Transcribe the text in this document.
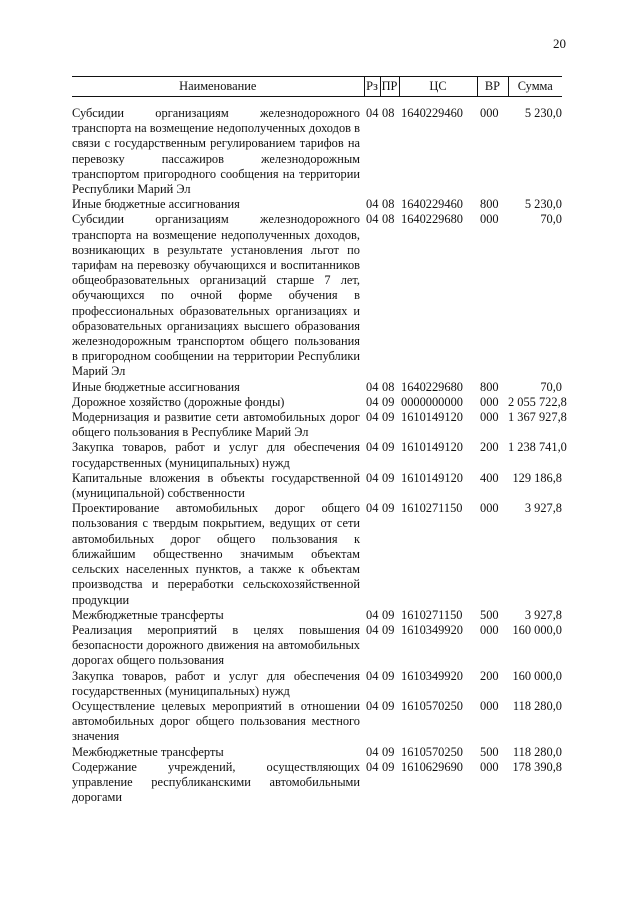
20
Наименование	Рз	ПР	ЦС	ВР	Сумма

Субсидии организациям железнодорожного транспорта на возмещение недополученных доходов в связи с государственным регулированием тарифов на перевозку пассажиров железнодорожным транспортом пригородного сообщения на территории Республики Марий Эл	04	08	1640229460	000	5 230,0
Иные бюджетные ассигнования	04	08	1640229460	800	5 230,0
Субсидии организациям железнодорожного транспорта на возмещение недополученных доходов, возникающих в результате установления льгот по тарифам на перевозку обучающихся и воспитанников общеобразовательных организаций старше 7 лет, обучающихся по очной форме обучения в профессиональных образовательных организациях и образовательных организациях высшего образования железнодорожным транспортом общего пользования в пригородном сообщении на территории Республики Марий Эл	04	08	1640229680	000	70,0
Иные бюджетные ассигнования	04	08	1640229680	800	70,0
Дорожное хозяйство (дорожные фонды)	04	09	0000000000	000	2 055 722,8
Модернизация и развитие сети автомобильных дорог общего пользования в Республике Марий Эл	04	09	1610149120	000	1 367 927,8
Закупка товаров, работ и услуг для обеспечения государственных (муниципальных) нужд	04	09	1610149120	200	1 238 741,0
Капитальные вложения в объекты государственной (муниципальной) собственности	04	09	1610149120	400	129 186,8
Проектирование автомобильных дорог общего пользования с твердым покрытием, ведущих от сети автомобильных дорог общего пользования к ближайшим общественно значимым объектам сельских населенных пунктов, а также к объектам производства и переработки сельскохозяйственной продукции	04	09	1610271150	000	3 927,8
Межбюджетные трансферты	04	09	1610271150	500	3 927,8
Реализация мероприятий в целях повышения безопасности дорожного движения на автомобильных дорогах общего пользования	04	09	1610349920	000	160 000,0
Закупка товаров, работ и услуг для обеспечения государственных (муниципальных) нужд	04	09	1610349920	200	160 000,0
Осуществление целевых мероприятий в отношении автомобильных дорог общего пользования местного значения	04	09	1610570250	000	118 280,0
Межбюджетные трансферты	04	09	1610570250	500	118 280,0
Содержание учреждений, осуществляющих управление республиканскими автомобильными дорогами	04	09	1610629690	000	178 390,8
